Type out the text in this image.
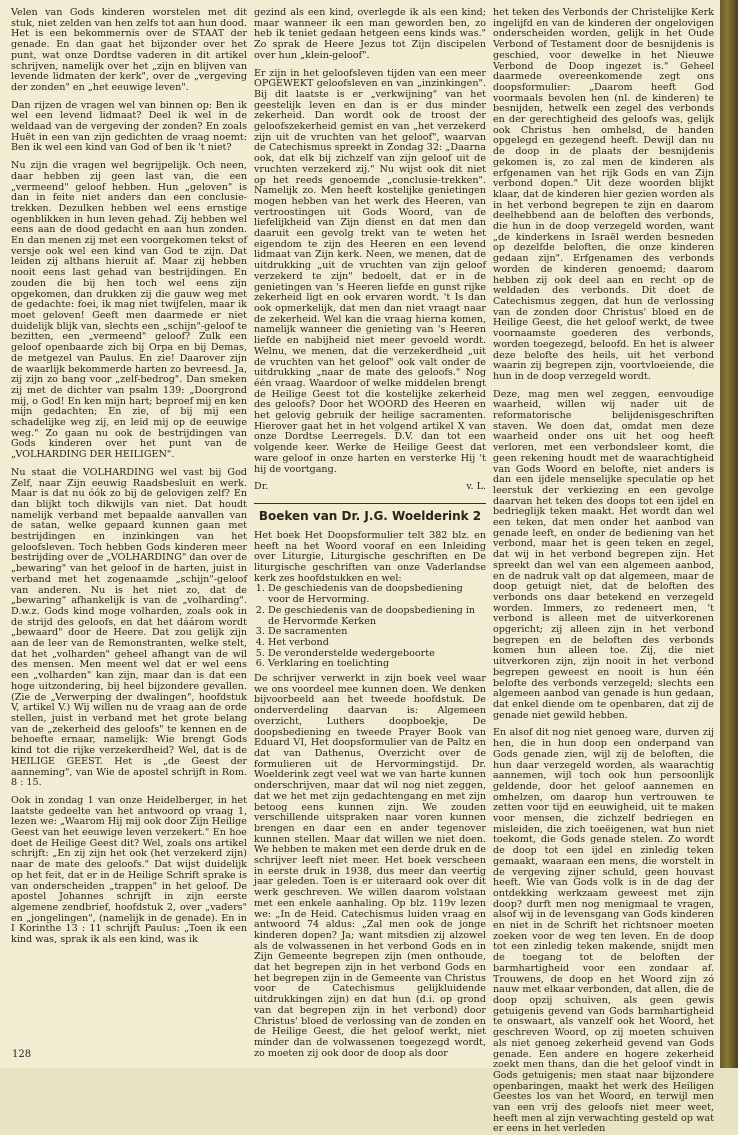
Velen van Gods kinderen worstelen met dit stuk, niet zelden van hen zelfs tot aan hun dood. Het is een bekommernis over de STAAT der genade. En dan gaat het bijzonder over het punt, wat onze Dordtse vaderen in dit artikel schrijven, namelijk over het „zijn en blijven van levende lidmaten der kerk", over de „vergeving der zonden" en „het eeuwige leven".

Dan rijzen de vragen wel van binnen op: Ben ik wel een levend lidmaat? Deel ik wel in de weldaad van de vergeving der zonden? En zoals Huët in een van zijn gedichten de vraag noemt: Ben ik wel een kind van God of ben ik 't niet?

Nu zijn die vragen wel begrijpelijk. Och neen, daar hebben zij geen last van, die een „vermeend" geloof hebben. Hun „geloven" is dan in feite niet anders dan een conclusie-trekken. Dezulken hebben wel eens ernstige ogenblikken in hun leven gehad. Zij hebben wel eens aan de dood gedacht en aan hun zonden. En dan menen zij met een voorgekomen tekst of versje ook wel een kind van God te zijn. Dat leiden zij althans hieruit af. Maar zij hebben nooit eens last gehad van bestrijdingen. En zouden die bij hen toch wel eens zijn opgekomen, dan drukken zij die gauw weg met de gedachte: foei, ik mag niet twijfelen, maar ik moet geloven! Geeft men daarmede er niet duidelijk blijk van, slechts een „schijn"-geloof te bezitten, een „vermeend" geloof? Zulk een geloof openbaarde zich bij Orpa en bij Demas, de metgezel van Paulus. En zie! Daarover zijn de waarlijk bekommerde harten zo bevreesd. Ja, zij zijn zo bang voor „zelf-bedrog". Dan smeken zij met de dichter van psalm 139: „Doorgrond mij, o God! En ken mijn hart; beproef mij en ken mijn gedachten; En zie, of bij mij een schadelijke weg zij, en leid mij op de eeuwige weg." Zo gaan nu ook de bestrijdingen van Gods kinderen over het punt van de „VOLHARDING DER HEILIGEN".

Nu staat die VOLHARDING wel vast bij God Zelf, naar Zijn eeuwig Raadsbesluit en werk. Maar is dat nu óók zo bij de gelovigen zelf? En dan blijkt toch dikwijls van niet. Dat houdt namelijk verband met bepaalde aanvallen van de satan, welke gepaard kunnen gaan met bestrijdingen en inzinkingen van het geloofsleven. Toch hebben Gods kinderen meer bestrijding over de „VOLHARDING" dan over de „bewaring" van het geloof in de harten, juist in verband met het zogenaamde „schijn"-geloof van anderen. Nu is het niet zo, dat de „bewaring" afhankelijk is van de „volharding". D.w.z. Gods kind moge volharden, zoals ook in de strijd des geloofs, en dat het dáárom wordt „bewaard" door de Heere. Dat zou gelijk zijn aan de leer van de Remonstranten, welke stelt, dat het „volharden" geheel afhangt van de wil des mensen. Men meent wel dat er wel eens een „volharden" kan zijn, maar dan is dat een hoge uitzondering, bij heel bijzondere gevallen. (Zie de „Verwerping der dwalingen", hoofdstuk V, artikel V.) Wij willen nu de vraag aan de orde stellen, juist in verband met het grote belang van de „zekerheid des geloofs" te kennen en de behoefte ernaar, namelijk: Wie brengt Gods kind tot die rijke verzekerdheid? Wel, dat is de HEILIGE GEEST. Het is „de Geest der aanneming", van Wie de apostel schrijft in Rom. 8 : 15.

Ook in zondag 1 van onze Heidelberger, in het laatste gedeelte van het antwoord op vraag 1, lezen we: „Waarom Hij mij ook door Zijn Heilige Geest van het eeuwige leven verzekert." En hoe doet de Heilige Geest dit? Wel, zoals ons artikel schrijft: „En zij zijn het ook (het verzekerd zijn) naar de mate des geloofs." Dat wijst duidelijk op het feit, dat er in de Heilige Schrift sprake is van onderscheiden „trappen" in het geloof. De apostel Johannes schrijft in zijn eerste algemene zendbrief, hoofdstuk 2, over „vaders" en „jongelingen", (namelijk in de genade). En in I Korinthe 13 : 11 schrijft Paulus: „Toen ik een kind was, sprak ik als een kind, was ik

gezind als een kind, overlegde ik als een kind; maar wanneer ik een man geworden ben, zo heb ik teniet gedaan hetgeen eens kinds was." Zo sprak de Heere Jezus tot Zijn discipelen over hun „klein-geloof".

Er zijn in het geloofsleven tijden van een meer OPGEWEKT geloofsleven en van „inzinkingen". Bij dit laatste is er „verkwijning" van het geestelijk leven en dan is er dus minder zekerheid. Dan wordt ook de troost der geloofszekerheid gemist en van „het verzekerd zijn uit de vruchten van het geloof", waarvan de Catechismus spreekt in Zondag 32: „Daarna ook, dat elk bij zichzelf van zijn geloof uit de vruchten verzekerd zij." Nu wijst ook dit niet op het reeds genoemde „conclusie-trekken". Namelijk zo. Men heeft kostelijke genietingen mogen hebben van het werk des Heeren, van vertroostingen uit Gods Woord, van de liefelijkheid van Zijn dienst en dat men dan daaruit een gevolg trekt van te weten het eigendom te zijn des Heeren en een levend lidmaat van Zijn kerk. Neen, we menen, dat de uitdrukking „uit de vruchten van zijn geloof verzekerd te zijn" bedoelt, dat er in de genietingen van 's Heeren liefde en gunst rijke zekerheid ligt en ook ervaren wordt. 't Is dan ook opmerkelijk, dat men dan niet vraagt naar de zekerheid. Wel kan die vraag hierna komen, namelijk wanneer die genieting van 's Heeren liefde en nabijheid niet meer gevoeld wordt. Welnu, we menen, dat die verzekerdheid „uit de vruchten van het geloof" ook valt onder de uitdrukking „naar de mate des geloofs." Nog één vraag. Waardoor of welke middelen brengt de Heilige Geest tot die kostelijke zekerheid des geloofs? Door het WOORD des Heeren en het gelovig gebruik der heilige sacramenten. Hierover gaat het in het volgend artikel X van onze Dordtse Leerregels. D.V. dan tot een volgende keer. Werke de Heilige Geest dat ware geloof in onze harten en versterke Hij 't hij de voortgang.

Dr.	v. L.
Boeken van Dr. J.G. Woelderink 2

Het boek Het Doopsformulier telt 382 blz. en heeft na het Woord vooraf en een Inleiding over Liturgie, Liturgische geschriften en De liturgische geschriften van onze Vaderlandse kerk zes hoofdstukken en wel:

1. De geschiedenis van de doopsbediening voor de Hervorming.
2. De geschiedenis van de doopsbediening in de Hervormde Kerken
3. De sacramenten
4. Het verbond
5. De veronderstelde wedergeboorte
6. Verklaring en toelichting

De schrijver verwerkt in zijn boek veel waar we ons voordeel mee kunnen doen. We denken bijvoorbeeld aan het tweede hoofdstuk. De onderverdeling daarvan is: Algemeen overzicht, Luthers doopboekje, De doopsbediening en tweede Prayer Book van Eduard VI, Het doopsformulier van de Paltz en dat van Dathenus, Overzicht over de formulieren uit de Hervormingstijd. Dr. Woelderink zegt veel wat we van harte kunnen onderschrijven, maar dat wil nog niet zeggen, dat we het met zijn gedachtengang en met zijn betoog eens kunnen zijn. We zouden verschillende uitspraken naar voren kunnen brengen en daar een en ander tegenover kunnen stellen. Maar dat willen we niet doen. We hebben te maken met een derde druk en de schrijver leeft niet meer. Het boek verscheen in eerste druk in 1938, dus meer dan veertig jaar geleden. Toen is er uiteraard ook over dit werk geschreven. We willen daarom volstaan met een enkele aanhaling. Op blz. 119v lezen we: „In de Heid. Catechismus luiden vraag en antwoord 74 aldus: „Zal men ook de jonge kinderen dopen? Ja; want mitsdien zij alzowel als de volwassenen in het verbond Gods en in Zijn Gemeente begrepen zijn (men onthoude, dat het begrepen zijn in het verbond Gods en het begrepen zijn in de Gemeente van Christus voor de Catechismus gelijkluidende uitdrukkingen zijn) en dat hun (d.i. op grond van dat begrepen zijn in het verbond) door Christus' bloed de verlossing van de zonden en de Heilige Geest, die het geloof werkt, niet minder dan de volwassenen toegezegd wordt, zo moeten zij ook door de doop als door

het teken des Verbonds der Christelijke Kerk ingelijfd en van de kinderen der ongelovigen onderscheiden worden, gelijk in het Oude Verbond of Testament door de besnijdenis is geschied, voor dewelke in het Nieuwe Verbond de Doop ingezet is." Geheel daarmede overeenkomende zegt ons doopsformulier: „Daarom heeft God voormaals bevolen hen (nl. de kinderen) te besnijden, hetwelk een zegel des verbonds en der gerechtigheid des geloofs was, gelijk ook Christus hen omhelsd, de handen opgelegd en gezegend heeft. Dewijl dan nu de doop in de plaats der besnijdenis gekomen is, zo zal men de kinderen als erfgenamen van het rijk Gods en van Zijn verbond dopen." Uit deze woorden blijkt klaar, dat de kinderen hier gezien worden als in het verbond begrepen te zijn en daarom deelhebbend aan de beloften des verbonds, die hun in de doop verzegeld worden, want „de kinderkens in Israël werden besneden op dezelfde beloften, die onze kinderen gedaan zijn". Erfgenamen des verbonds worden de kinderen genoemd; daarom hebben zij ook deel aan en recht op de weldaden des verbonds. Dit doet de Catechismus zeggen, dat hun de verlossing van de zonden door Christus' bloed en de Heilige Geest, die het geloof werkt, de twee voornaamste goederen des verbonds, worden toegezegd, beloofd. En het is alweer deze belofte des heils, uit het verbond waarin zij begrepen zijn, voortvloeiende, die hun in de doop verzegeld wordt.

Deze, mag men wel zeggen, eenvoudige waarheid, willen wij nader uit de reformatorische belijdenisgeschriften staven. We doen dat, omdat men deze waarheid onder ons uit het oog heeft verloren, met een verbondsleer komt, die geen rekening houdt met de waarachtigheid van Gods Woord en belofte, niet anders is dan een ijdele menselijke speculatie op het leerstuk der verkiezing en een gevolge daarvan het teken des doops tot een ijdel en bedrieglijk teken maakt. Het wordt dan wel een teken, dat men onder het aanbod van genade leeft, en onder de bediening van het verbond, maar het is geen teken en zegel, dat wij in het verbond begrepen zijn. Het spreekt dan wel van een algemeen aanbod, en de nadruk valt op dat algemeen, maar de doop getuigt niet, dat de beloften des verbonds ons daar betekend en verzegeld worden. Immers, zo redeneert men, 't verbond is alleen met de uitverkorenen opgericht; zij alleen zijn in het verbond begrepen en de beloften des verbonds komen hun alleen toe. Zij, die niet uitverkoren zijn, zijn nooit in het verbond begrepen geweest en nooit is hun één belofte des verbonds verzegeld; slechts een algemeen aanbod van genade is hun gedaan, dat enkel diende om te openbaren, dat zij de genade niet gewild hebben.

En alsof dit nog niet genoeg ware, durven zij hen, die in hun doop een onderpand van Gods genade zien, wijl zij de beloften, die hun daar verzegeld worden, als waarachtig aannemen, wijl toch ook hun persoonlijk geldende, door het geloof aannemen en omhelzen, om daarop hun vertrouwen te zetten voor tijd en eeuwigheid, uit te maken voor mensen, die zichzelf bedriegen en misleiden, die zich toeëigenen, wat hun niet toekomt, die Gods genade stelen. Zo wordt de doop tot een ijdel en zinledig teken gemaakt, waaraan een mens, die worstelt in de vergeving zijner schuld, geen houvast heeft. Wie van Gods volk is in de dag der ontdekking werkzaam geweest met zijn doop? durft men nog menigmaal te vragen, alsof wij in de levensgang van Gods kinderen en niet in de Schrift het richtsnoer moeten zoeken voor de weg ten leven. En de doop tot een zinledig teken makende, snijdt men de toegang tot de beloften der barmhartigheid voor een zondaar af. Trouwens, de doop en het Woord zijn zó nauw met elkaar verbonden, dat allen, die de doop opzij schuiven, als geen gewis getuigenis gevend van Gods barmhartigheid te onswaart, als vanzelf ook het Woord, het geschreven Woord, op zij moeten schuiven als niet genoeg zekerheid gevend van Gods genade. Een andere en hogere zekerheid zoekt men thans, dan die het geloof vindt in Gods getuigenis; men staat naar bijzondere openbaringen, maakt het werk des Heiligen Geestes los van het Woord, en terwijl men van een vrij des geloofs niet meer weet, heeft men al zijn verwachting gesteld op wat er eens in het verleden

128
